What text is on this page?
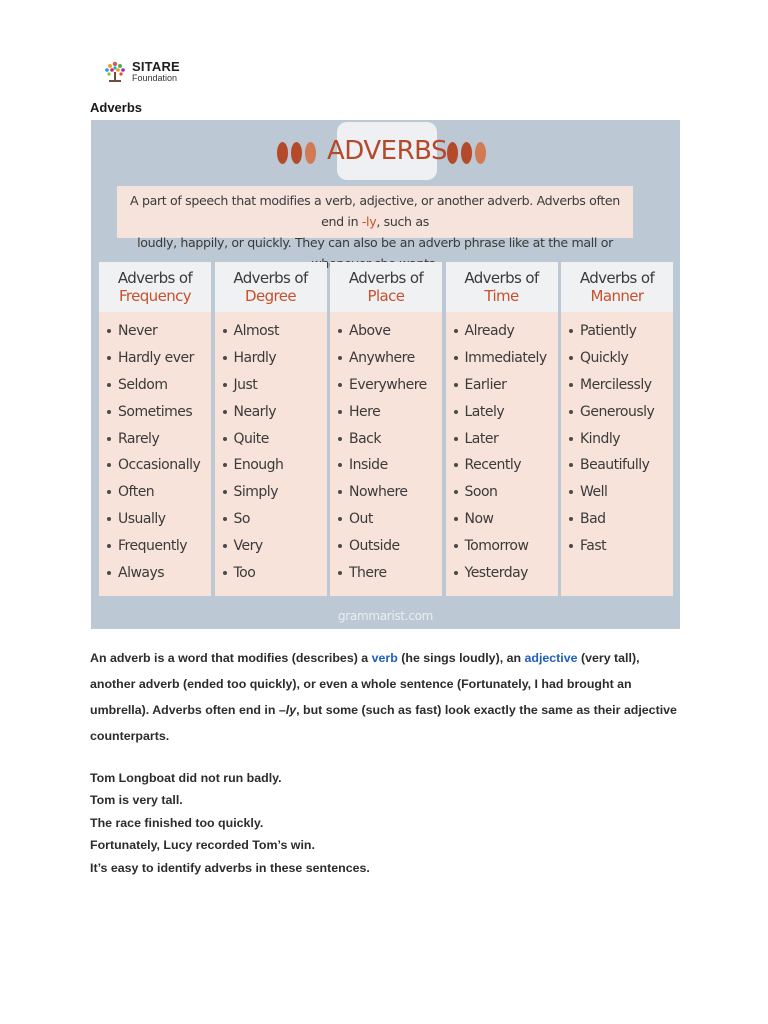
SITARE
Foundation
Adverbs
ADVERBS
A part of speech that modifies a verb, adjective, or another adverb. Adverbs often end in -ly, such as
loudly, happily, or quickly. They can also be an adverb phrase like at the mall or
Adverbs of
Frequency
Never
Hardly ever
Seldom
Sometimes
Rarely
Occasionally
Often
Usually
Frequently
Always
Adverbs of
Degree
Almost
Hardly
Just
Nearly
Quite
Enough
Simply
So
Very
Too
Adverbs of
Place
Above
Anywhere
Everywhere
Here
Back
Inside
Nowhere
Out
Outside
There
Adverbs of
Time
Already
Immediately
Earlier
Lately
Later
Recently
Soon
Now
Tomorrow
Yesterday
Adverbs of
Manner
Patiently
Quickly
Mercilessly
Generously
Kindly
Beautifully
Well
Bad
Fast
grammarist.com
An adverb is a word that modifies (describes) a verb (he sings loudly), an adjective (very tall), another adverb (ended too quickly), or even a whole sentence (Fortunately, I had brought an umbrella). Adverbs often end in –ly, but some (such as fast) look exactly the same as their adjective counterparts.
Tom Longboat did not run badly.
Tom is very tall.
The race finished too quickly.
Fortunately, Lucy recorded Tom’s win.
It’s easy to identify adverbs in these sentences.
